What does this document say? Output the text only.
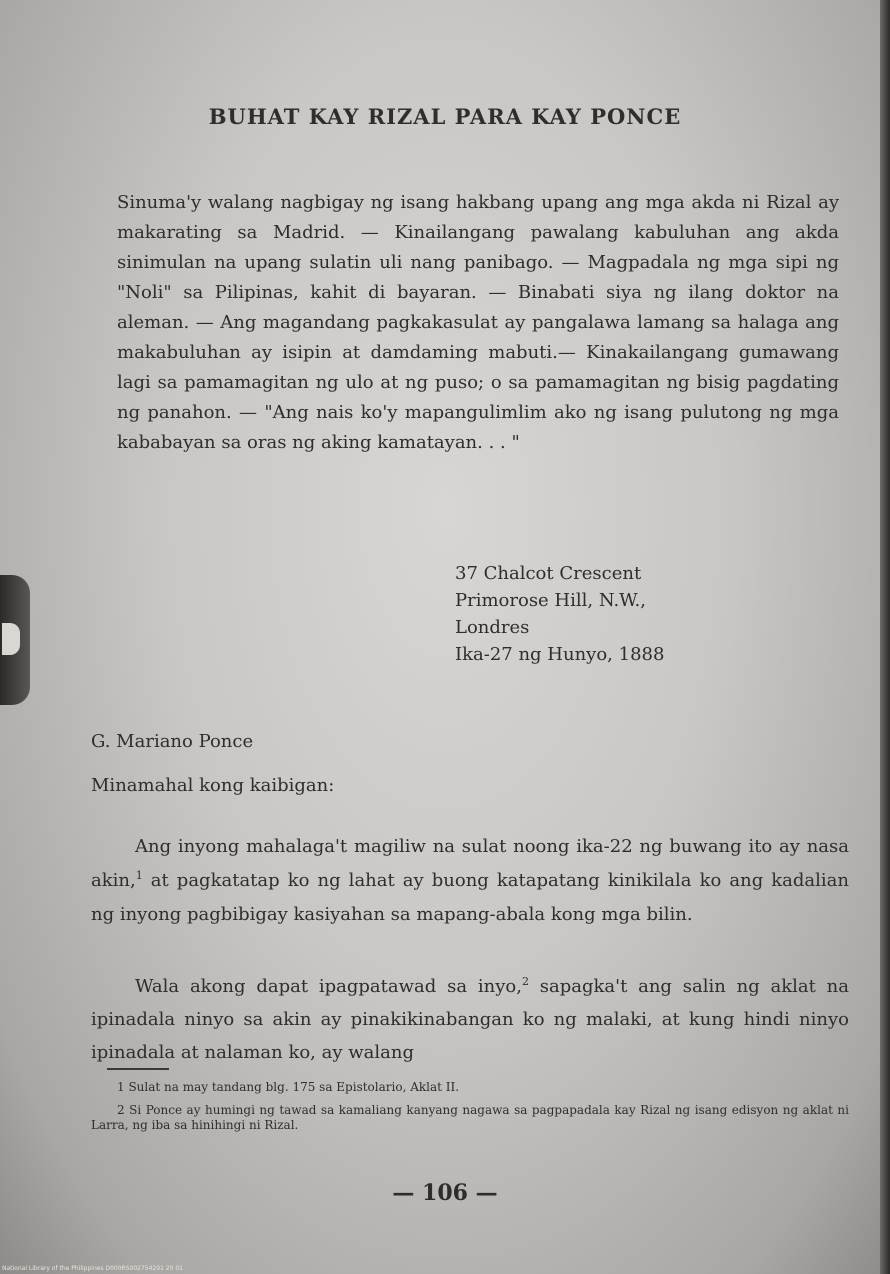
BUHAT KAY RIZAL PARA KAY PONCE

Sinuma'y walang nagbigay ng isang hakbang upang ang mga akda ni Rizal ay makarating sa Madrid. — Kinailangang pawalang kabuluhan ang akda sinimulan na upang sulatin uli nang panibago. — Magpadala ng mga sipi ng "Noli" sa Pilipinas, kahit di bayaran. — Binabati siya ng ilang doktor na aleman. — Ang magandang pagkakasulat ay pangalawa lamang sa halaga ang makabuluhan ay isipin at damdaming mabuti.— Kinakailangang gumawang lagi sa pamamagitan ng ulo at ng puso; o sa pamamagitan ng bisig pagdating ng panahon. — "Ang nais ko'y mapangulimlim ako ng isang pulutong ng mga kababayan sa oras ng aking kamatayan. . . "

37 Chalcot Crescent
Primorose Hill, N.W.,
Londres
Ika-27 ng Hunyo, 1888
G. Mariano Ponce
Minamahal kong kaibigan:

Ang inyong mahalaga't magiliw na sulat noong ika-22 ng buwang ito ay nasa akin,$^1$ at pagkatatap ko ng lahat ay buong katapatang kinikilala ko ang kadalian ng inyong pagbibigay kasiyahan sa mapang-abala kong mga bilin.

Wala akong dapat ipagpatawad sa inyo,$^2$ sapagka't ang salin ng aklat na ipinadala ninyo sa akin ay pinakikinabangan ko ng malaki, at kung hindi ninyo ipinadala at nalaman ko, ay walang

1 Sulat na may tandang blg. 175 sa Epistolario, Aklat II.

2 Si Ponce ay humingi ng tawad sa kamaliang kanyang nagawa sa pagpapadala kay Rizal ng isang edisyon ng aklat ni Larra, ng iba sa hinihingi ni Rizal.

— 106 —
National Library of the Philippines D000RS002754201 20 01
